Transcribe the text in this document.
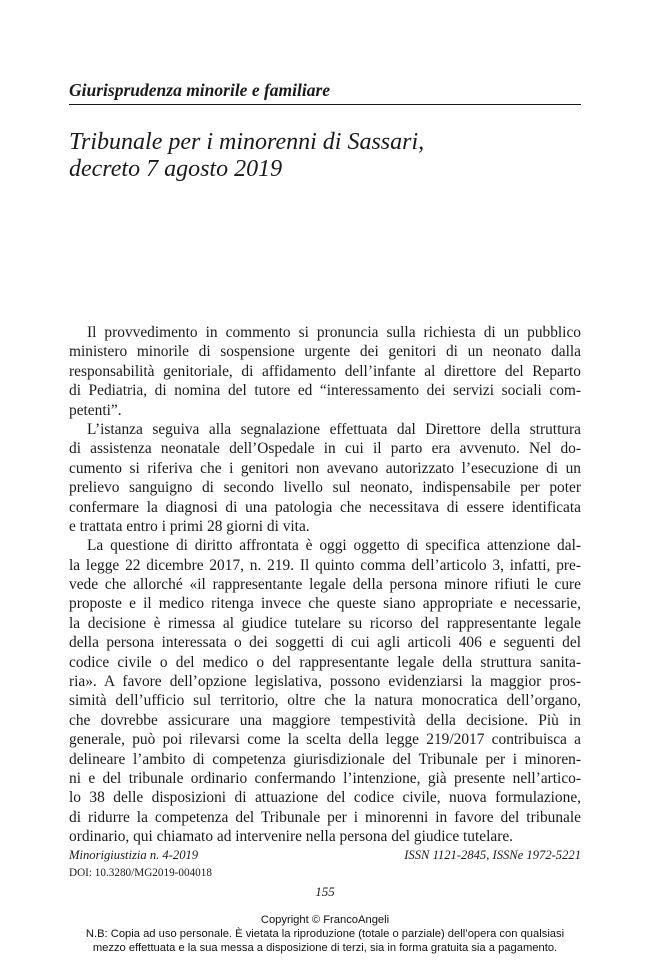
Giurisprudenza minorile e familiare
Tribunale per i minorenni di Sassari,
decreto 7 agosto 2019
Il provvedimento in commento si pronuncia sulla richiesta di un pubblico
ministero minorile di sospensione urgente dei genitori di un neonato dalla
responsabilità genitoriale, di affidamento dell’infante al direttore del Reparto
di Pediatria, di nomina del tutore ed “interessamento dei servizi sociali com-
petenti”.
L’istanza seguiva alla segnalazione effettuata dal Direttore della struttura
di assistenza neonatale dell’Ospedale in cui il parto era avvenuto. Nel do-
cumento si riferiva che i genitori non avevano autorizzato l’esecuzione di un
prelievo sanguigno di secondo livello sul neonato, indispensabile per poter
confermare la diagnosi di una patologia che necessitava di essere identificata
e trattata entro i primi 28 giorni di vita.
La questione di diritto affrontata è oggi oggetto di specifica attenzione dal-
la legge 22 dicembre 2017, n. 219. Il quinto comma dell’articolo 3, infatti, pre-
vede che allorché «il rappresentante legale della persona minore rifiuti le cure
proposte e il medico ritenga invece che queste siano appropriate e necessarie,
la decisione è rimessa al giudice tutelare su ricorso del rappresentante legale
della persona interessata o dei soggetti di cui agli articoli 406 e seguenti del
codice civile o del medico o del rappresentante legale della struttura sanita-
ria». A favore dell’opzione legislativa, possono evidenziarsi la maggior pros-
simità dell’ufficio sul territorio, oltre che la natura monocratica dell’organo,
che dovrebbe assicurare una maggiore tempestività della decisione. Più in
generale, può poi rilevarsi come la scelta della legge 219/2017 contribuisca a
delineare l’ambito di competenza giurisdizionale del Tribunale per i minoren-
ni e del tribunale ordinario confermando l’intenzione, già presente nell’artico-
lo 38 delle disposizioni di attuazione del codice civile, nuova formulazione,
di ridurre la competenza del Tribunale per i minorenni in favore del tribunale
ordinario, qui chiamato ad intervenire nella persona del giudice tutelare.
Minorigiustizia n. 4-2019	ISSN 1121-2845, ISSNe 1972-5221
DOI: 10.3280/MG2019-004018
155
Copyright © FrancoAngeli
N.B: Copia ad uso personale. È vietata la riproduzione (totale o parziale) dell’opera con qualsiasi
mezzo effettuata e la sua messa a disposizione di terzi, sia in forma gratuita sia a pagamento.
